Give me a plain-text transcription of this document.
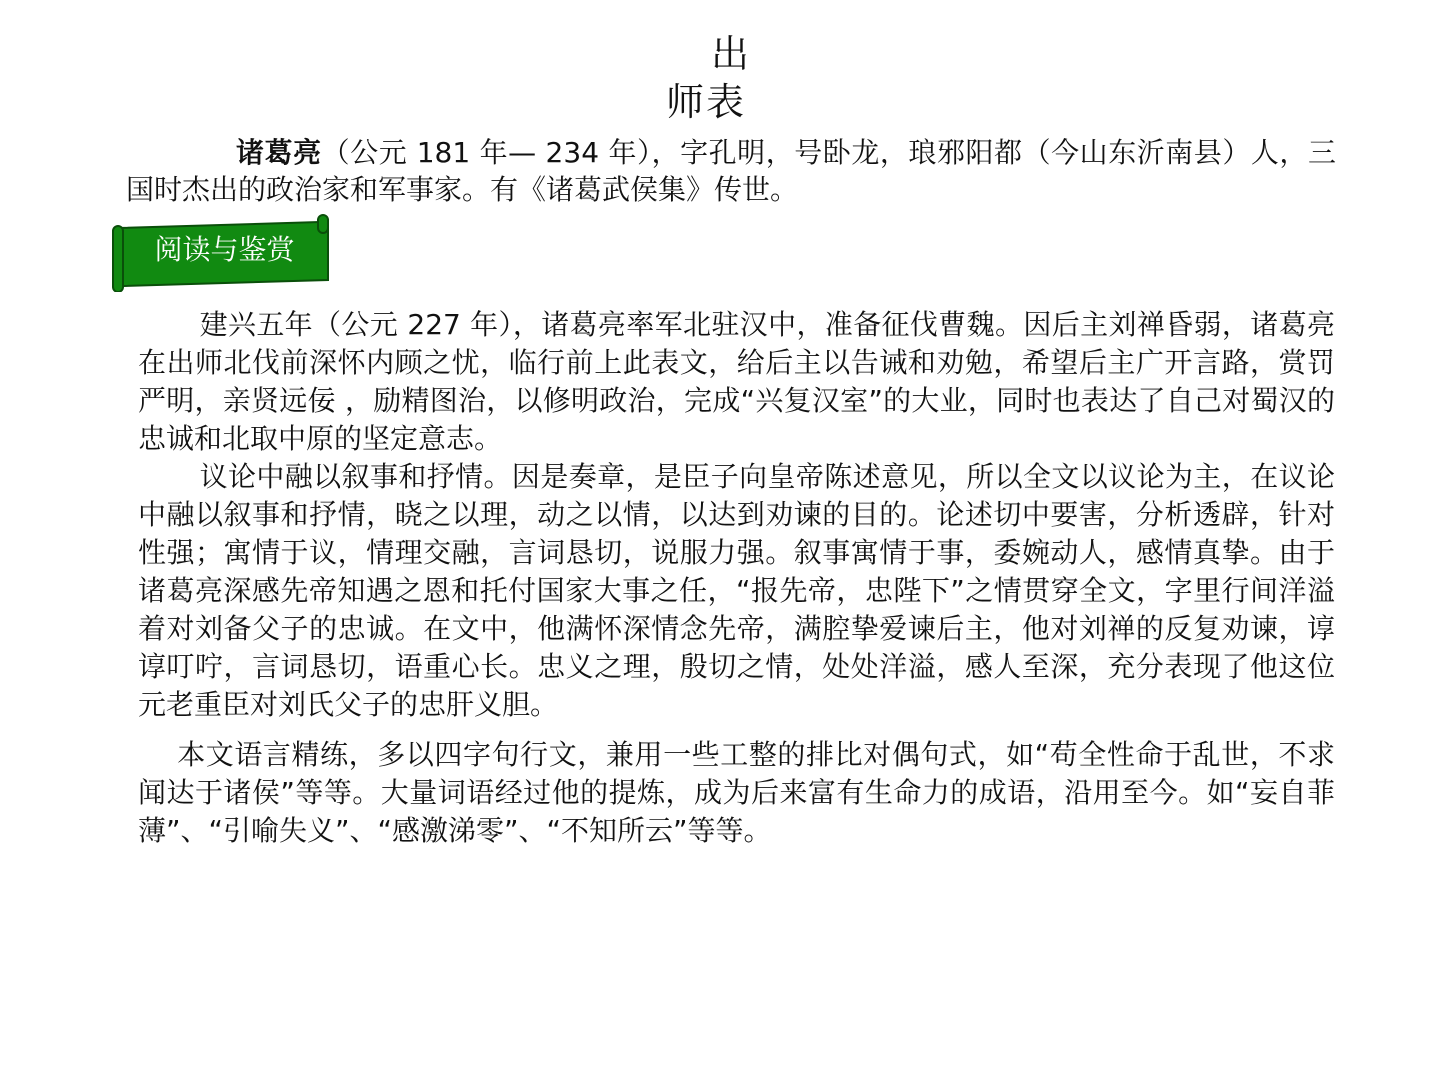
出
师表
诸葛亮（公元 181 年— 234 年），字孔明，号卧龙，琅邪阳都（今山东沂南县）人，三国时杰出的政治家和军事家。有《诸葛武侯集》传世。
阅读与鉴赏

建兴五年（公元 227 年），诸葛亮率军北驻汉中，准备征伐曹魏。因后主刘禅昏弱，诸葛亮在出师北伐前深怀内顾之忧，临行前上此表文，给后主以告诫和劝勉，希望后主广开言路，赏罚严明，亲贤远佞 ，励精图治，以修明政治，完成“兴复汉室”的大业，同时也表达了自己对蜀汉的忠诚和北取中原的坚定意志。

议论中融以叙事和抒情。因是奏章，是臣子向皇帝陈述意见，所以全文以议论为主，在议论中融以叙事和抒情，晓之以理，动之以情，以达到劝谏的目的。论述切中要害，分析透辟，针对性强；寓情于议，情理交融，言词恳切，说服力强。叙事寓情于事，委婉动人，感情真挚。由于诸葛亮深感先帝知遇之恩和托付国家大事之任，“报先帝，忠陛下”之情贯穿全文，字里行间洋溢着对刘备父子的忠诚。在文中，他满怀深情念先帝，满腔挚爱谏后主，他对刘禅的反复劝谏，谆谆叮咛，言词恳切，语重心长。忠义之理，殷切之情，处处洋溢，感人至深，充分表现了他这位元老重臣对刘氏父子的忠肝义胆。

本文语言精练，多以四字句行文，兼用一些工整的排比对偶句式，如“苟全性命于乱世，不求闻达于诸侯”等等。大量词语经过他的提炼，成为后来富有生命力的成语，沿用至今。如“妄自菲薄”、“引喻失义”、“感激涕零”、“不知所云”等等。
